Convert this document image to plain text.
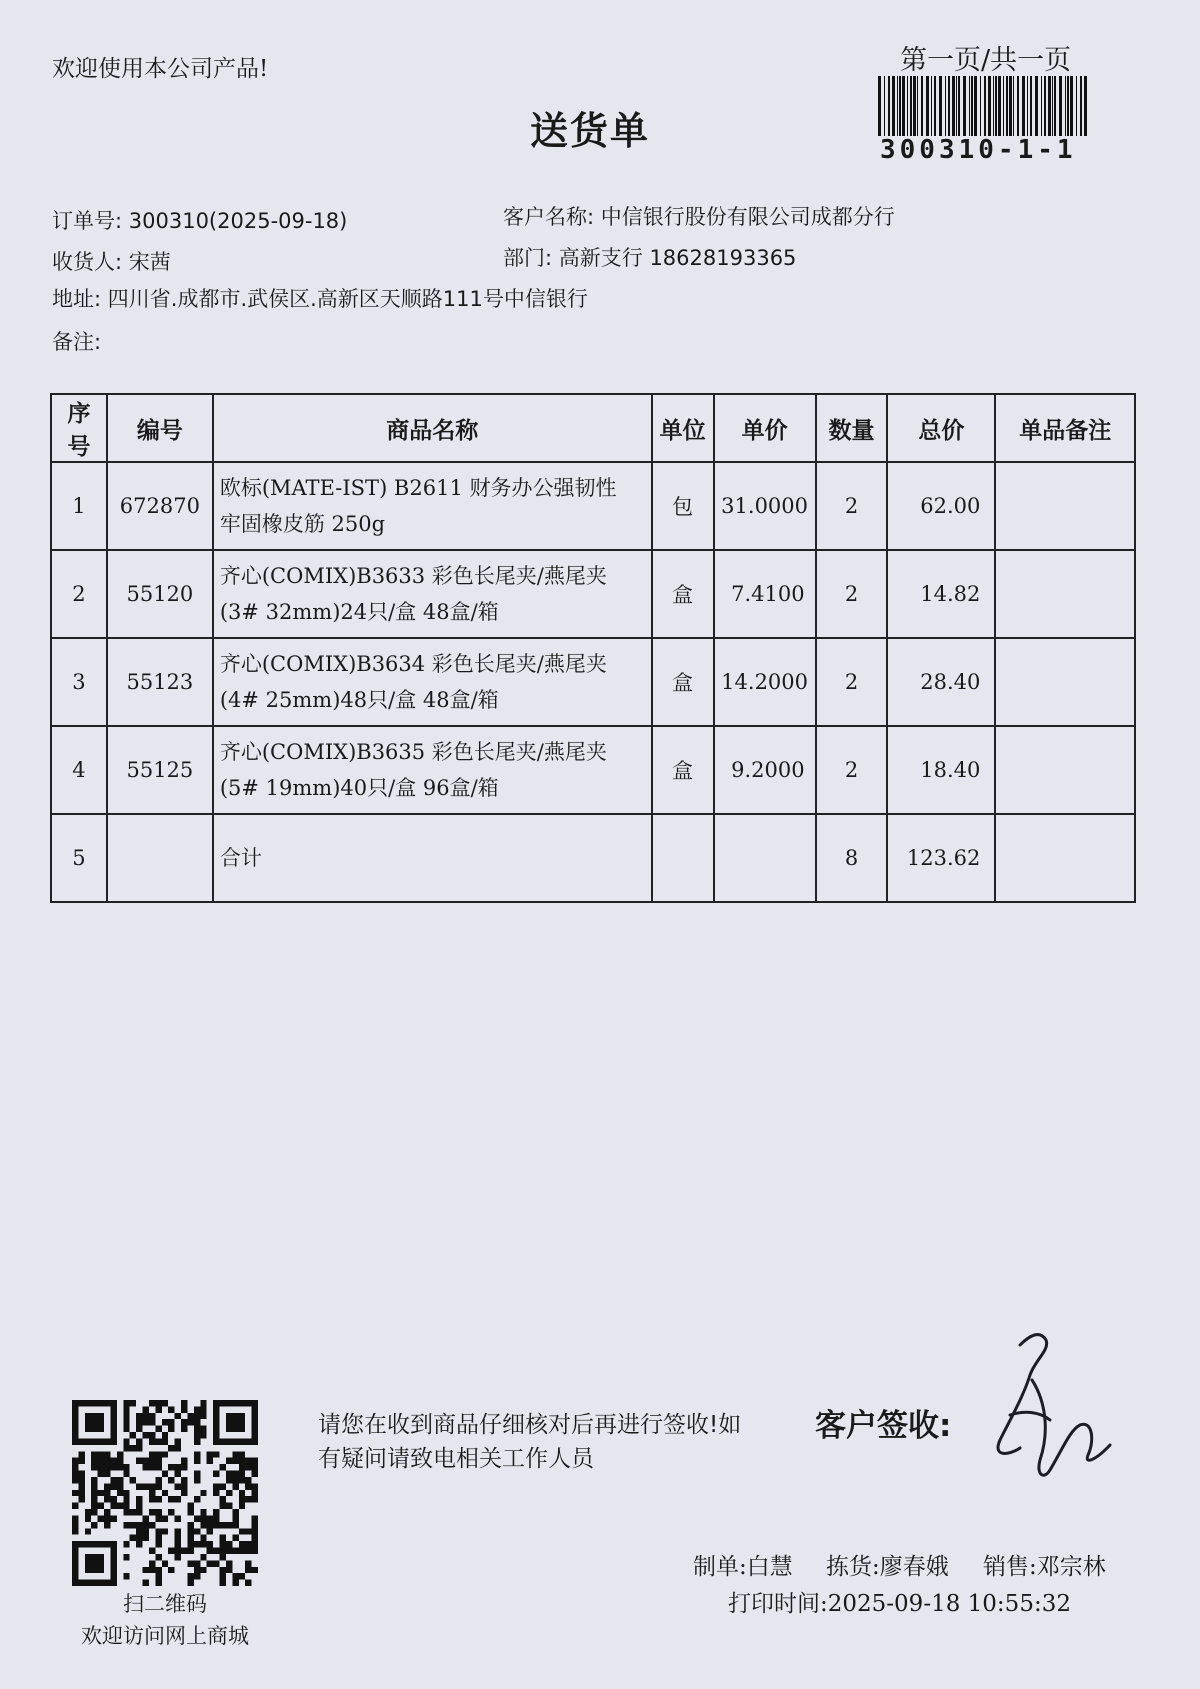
欢迎使用本公司产品!	第一页/共一页
300310-1-1
送货单
订单号: 300310(2025-09-18)	客户名称: 中信银行股份有限公司成都分行
收货人: 宋茜	部门: 高新支行 18628193365
地址: 四川省.成都市.武侯区.高新区天顺路111号中信银行
备注:
序号	编号	商品名称	单位	单价	数量	总价	单品备注
1	672870	欧标(MATE-IST) B2611 财务办公强韧性
牢固橡皮筋 250g	包	31.0000	2	62.00	
2	55120	齐心(COMIX)B3633 彩色长尾夹/燕尾夹
(3# 32mm)24只/盒 48盒/箱	盒	7.4100	2	14.82	
3	55123	齐心(COMIX)B3634 彩色长尾夹/燕尾夹
(4# 25mm)48只/盒 48盒/箱	盒	14.2000	2	28.40	
4	55125	齐心(COMIX)B3635 彩色长尾夹/燕尾夹
(5# 19mm)40只/盒 96盒/箱	盒	9.2000	2	18.40	
5		合计			8	123.62	
扫二维码
欢迎访问网上商城
请您在收到商品仔细核对后再进行签收!如有疑问请致电相关工作人员
客户签收:
制单:白慧 拣货:廖春娥 销售:邓宗林
打印时间:2025-09-18 10:55:32
